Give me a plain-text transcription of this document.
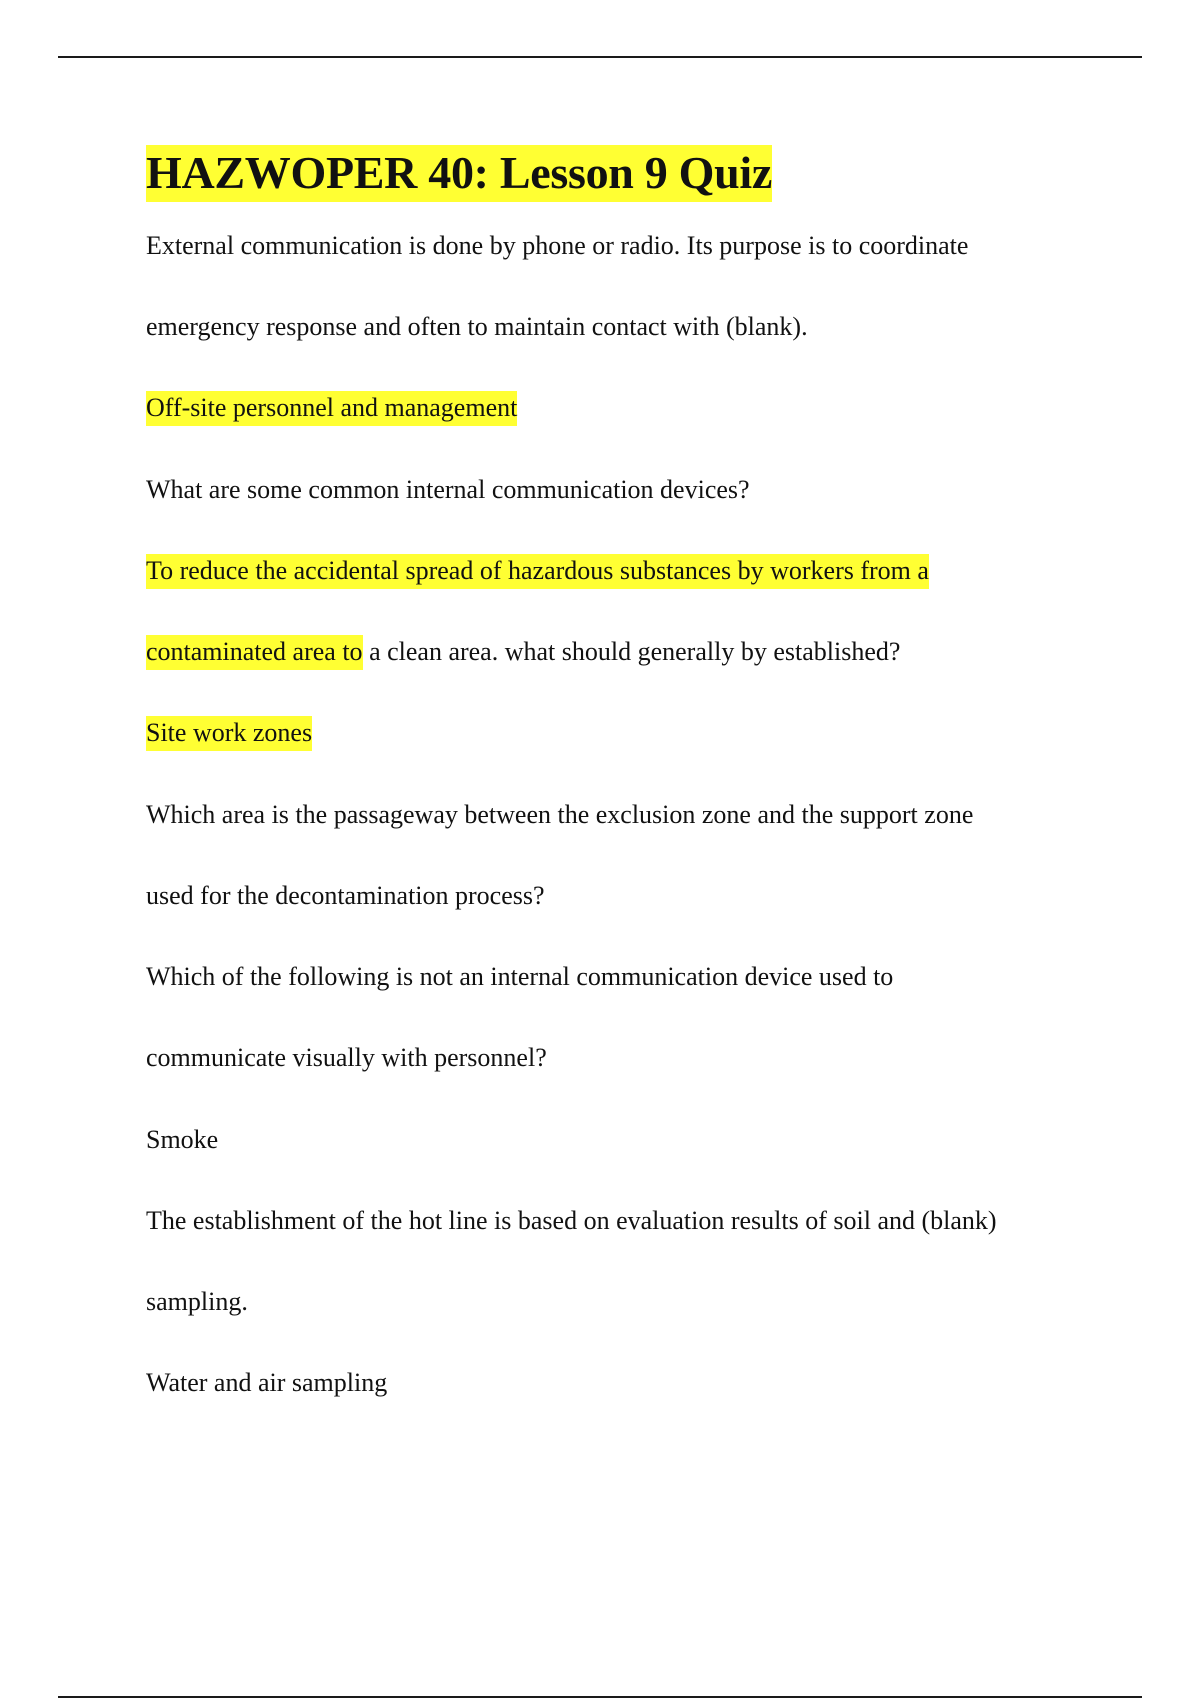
HAZWOPER 40: Lesson 9 Quiz

External communication is done by phone or radio. Its purpose is to coordinate

emergency response and often to maintain contact with (blank).

Off-site personnel and management

What are some common internal communication devices?

To reduce the accidental spread of hazardous substances by workers from a

contaminated area to a clean area. what should generally by established?

Site work zones

Which area is the passageway between the exclusion zone and the support zone

used for the decontamination process?

Which of the following is not an internal communication device used to

communicate visually with personnel?

Smoke

The establishment of the hot line is based on evaluation results of soil and (blank)

sampling.

Water and air sampling
